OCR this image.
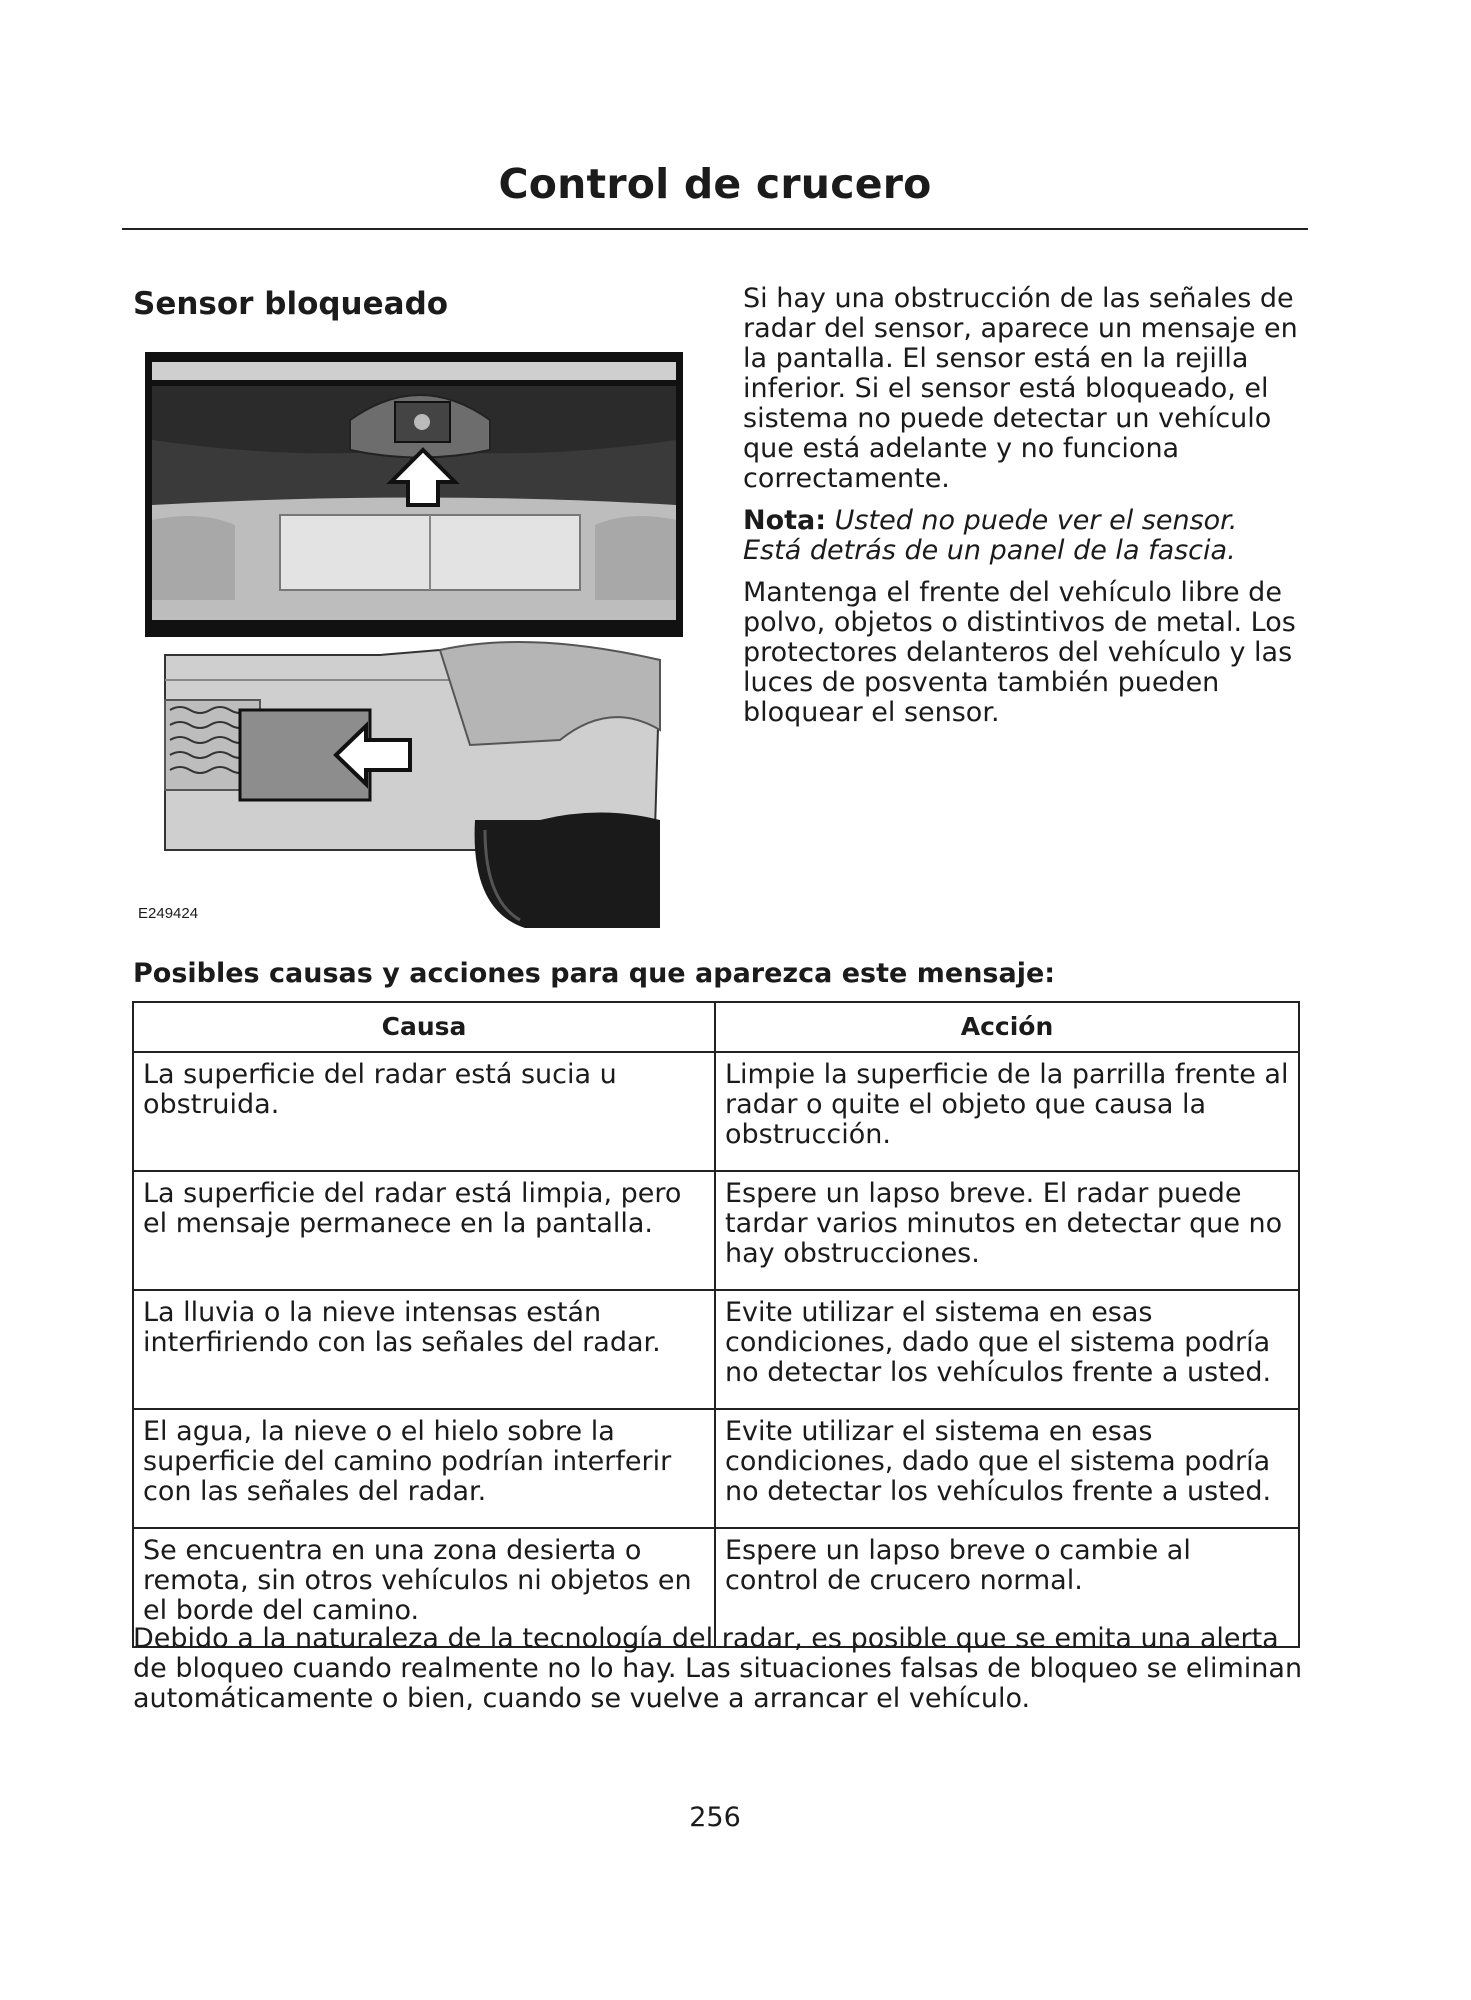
Control de crucero
Sensor bloqueado
E249424

Si hay una obstrucción de las señales de radar del sensor, aparece un mensaje en la pantalla. El sensor está en la rejilla inferior. Si el sensor está bloqueado, el sistema no puede detectar un vehículo que está adelante y no funciona correctamente.

Nota: Usted no puede ver el sensor. Está detrás de un panel de la fascia.

Mantenga el frente del vehículo libre de polvo, objetos o distintivos de metal. Los protectores delanteros del vehículo y las luces de posventa también pueden bloquear el sensor.

Posibles causas y acciones para que aparezca este mensaje:
Causa	Acción
La superficie del radar está sucia u obstruida.	Limpie la superficie de la parrilla frente al radar o quite el objeto que causa la obstrucción.
La superficie del radar está limpia, pero el mensaje permanece en la pantalla.	Espere un lapso breve. El radar puede tardar varios minutos en detectar que no hay obstrucciones.
La lluvia o la nieve intensas están interfiriendo con las señales del radar.	Evite utilizar el sistema en esas condiciones, dado que el sistema podría no detectar los vehículos frente a usted.
El agua, la nieve o el hielo sobre la superficie del camino podrían interferir con las señales del radar.	Evite utilizar el sistema en esas condiciones, dado que el sistema podría no detectar los vehículos frente a usted.
Se encuentra en una zona desierta o remota, sin otros vehículos ni objetos en el borde del camino.	Espere un lapso breve o cambie al control de crucero normal.
Debido a la naturaleza de la tecnología del radar, es posible que se emita una alerta de bloqueo cuando realmente no lo hay. Las situaciones falsas de bloqueo se eliminan automáticamente o bien, cuando se vuelve a arrancar el vehículo.
256
